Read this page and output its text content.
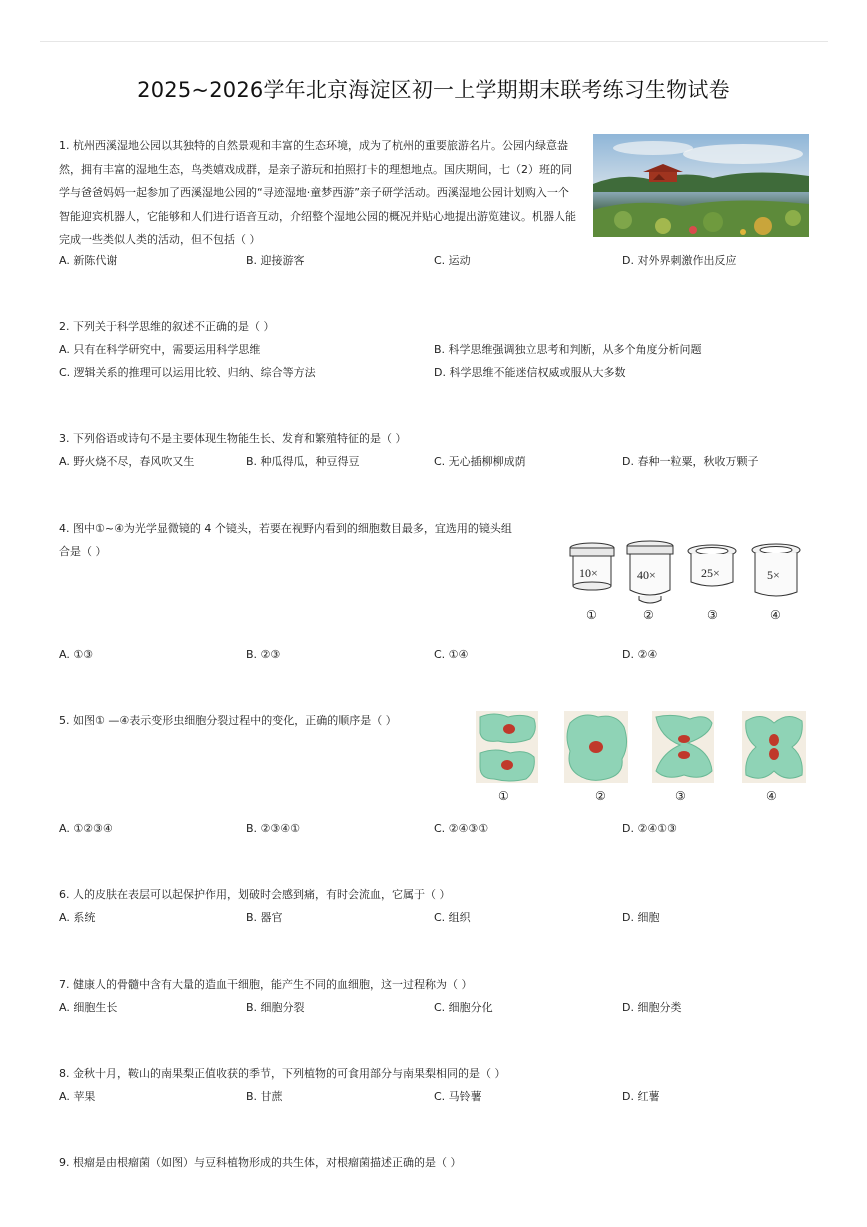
2025~2026学年北京海淀区初一上学期期末联考练习生物试卷
1. 杭州西溪湿地公园以其独特的自然景观和丰富的生态环境，成为了杭州的重要旅游名片。公园内绿意盎然，拥有丰富的湿地生态，鸟类嬉戏成群，是亲子游玩和拍照打卡的理想地点。国庆期间，七（2）班的同学与爸爸妈妈一起参加了西溪湿地公园的“寻迹湿地·童梦西游”亲子研学活动。西溪湿地公园计划购入一个智能迎宾机器人，它能够和人们进行语音互动，介绍整个湿地公园的概况并贴心地提出游览建议。机器人能完成一些类似人类的活动，但不包括（ ）
A. 新陈代谢	B. 迎接游客	C. 运动	D. 对外界刺激作出反应
2. 下列关于科学思维的叙述不正确的是（ ）
A. 只有在科学研究中，需要运用科学思维	B. 科学思维强调独立思考和判断，从多个角度分析问题
C. 逻辑关系的推理可以运用比较、归纳、综合等方法	D. 科学思维不能迷信权威或服从大多数
3. 下列俗语或诗句不是主要体现生物能生长、发育和繁殖特征的是（ ）
A. 野火烧不尽，春风吹又生	B. 种瓜得瓜，种豆得豆	C. 无心插柳柳成荫	D. 春种一粒粟，秋收万颗子
4. 图中①~④为光学显微镜的 4 个镜头，若要在视野内看到的细胞数目最多，宜选用的镜头组
合是（ ）
10×	40×	25×	5×
①	②	③	④
A. ①③	B. ②③	C. ①④	D. ②④
5. 如图① —④表示变形虫细胞分裂过程中的变化，正确的顺序是（ ）
①	②	③	④
A. ①②③④	B. ②③④①	C. ②④③①	D. ②④①③
6. 人的皮肤在表层可以起保护作用，划破时会感到痛，有时会流血，它属于（ ）
A. 系统	B. 器官	C. 组织	D. 细胞
7. 健康人的骨髓中含有大量的造血干细胞，能产生不同的血细胞，这一过程称为（ ）
A. 细胞生长	B. 细胞分裂	C. 细胞分化	D. 细胞分类
8. 金秋十月，鞍山的南果梨正值收获的季节，下列植物的可食用部分与南果梨相同的是（ ）
A. 苹果	B. 甘蔗	C. 马铃薯	D. 红薯
9. 根瘤是由根瘤菌（如图）与豆科植物形成的共生体，对根瘤菌描述正确的是（ ）
